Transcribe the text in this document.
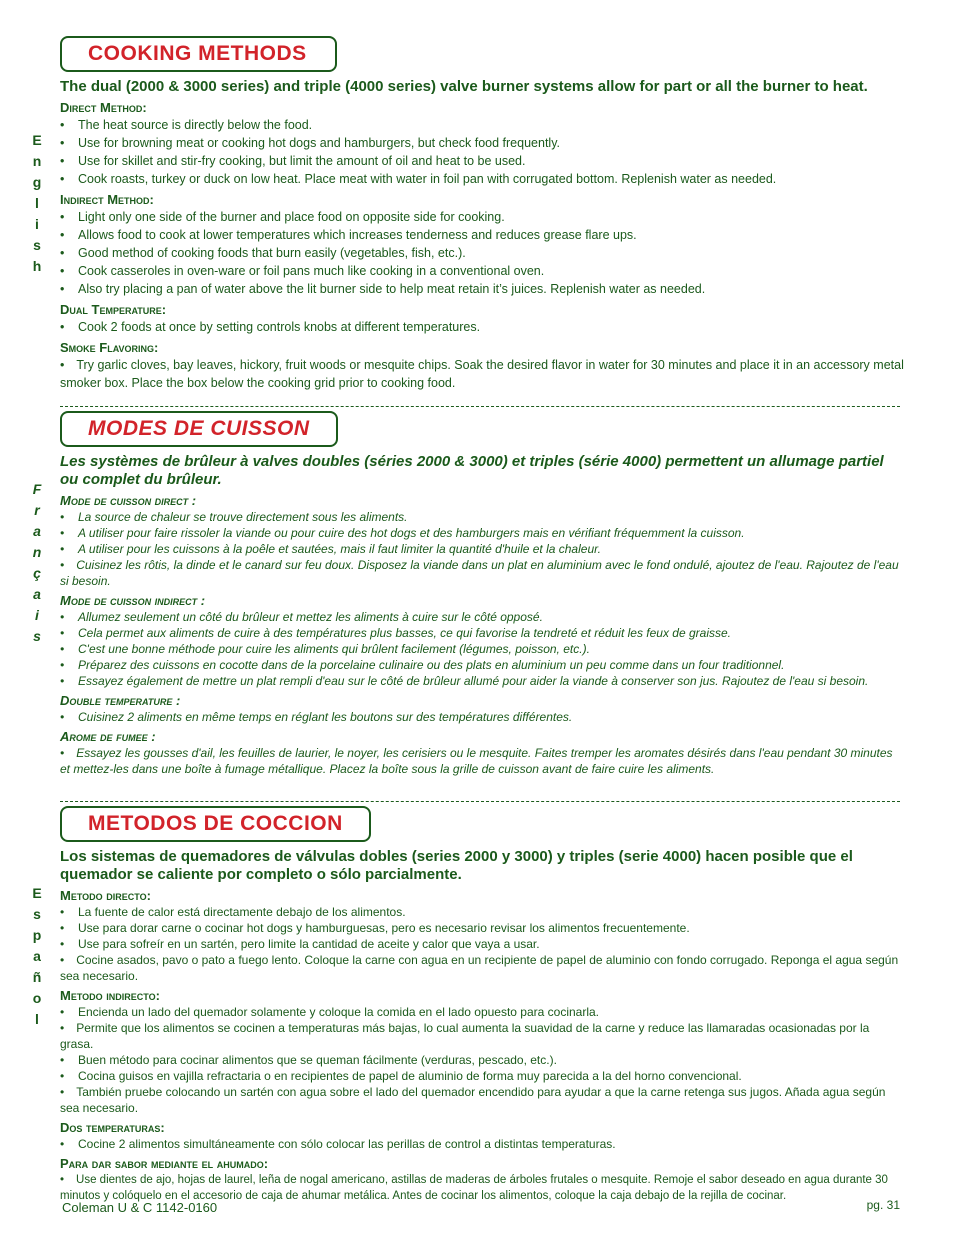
E
n
g
l
i
s
h
F
r
a
n
ç
a
i
s
E
s
p
a
ñ
o
l
COOKING METHODS
The dual (2000 & 3000 series) and triple (4000 series) valve burner systems allow for part or all the burner to heat.
Direct Method:
• The heat source is directly below the food.
• Use for browning meat or cooking hot dogs and hamburgers, but check food frequently.
• Use for skillet and stir-fry cooking, but limit the amount of oil and heat to be used.
• Cook roasts, turkey or duck on low heat. Place meat with water in foil pan with corrugated bottom. Replenish water as needed.
Indirect Method:
• Light only one side of the burner and place food on opposite side for cooking.
• Allows food to cook at lower temperatures which increases tenderness and reduces grease flare ups.
• Good method of cooking foods that burn easily (vegetables, fish, etc.).
• Cook casseroles in oven-ware or foil pans much like cooking in a conventional oven.
• Also try placing a pan of water above the lit burner side to help meat retain it’s juices. Replenish water as needed.
Dual Temperature:
• Cook 2 foods at once by setting controls knobs at different temperatures.
Smoke Flavoring:
• Try garlic cloves, bay leaves, hickory, fruit woods or mesquite chips. Soak the desired flavor in water for 30 minutes and place it in an accessory metal smoker box. Place the box below the cooking grid prior to cooking food.
MODES DE CUISSON
Les systèmes de brûleur à valves doubles (séries 2000 & 3000) et triples (série 4000) permettent un allumage partiel ou complet du brûleur.
Mode de cuisson direct :
• La source de chaleur se trouve directement sous les aliments.
• A utiliser pour faire rissoler la viande ou pour cuire des hot dogs et des hamburgers mais en vérifiant fréquemment la cuisson.
• A utiliser pour les cuissons à la poêle et sautées, mais il faut limiter la quantité d'huile et la chaleur.
• Cuisinez les rôtis, la dinde et le canard sur feu doux. Disposez la viande dans un plat en aluminium avec le fond ondulé, ajoutez de l'eau. Rajoutez de l'eau si besoin.
Mode de cuisson indirect :
• Allumez seulement un côté du brûleur et mettez les aliments à cuire sur le côté opposé.
• Cela permet aux aliments de cuire à des températures plus basses, ce qui favorise la tendreté et réduit les feux de graisse.
• C'est une bonne méthode pour cuire les aliments qui brûlent facilement (légumes, poisson, etc.).
• Préparez des cuissons en cocotte dans de la porcelaine culinaire ou des plats en aluminium un peu comme dans un four traditionnel.
• Essayez également de mettre un plat rempli d'eau sur le côté de brûleur allumé pour aider la viande à conserver son jus. Rajoutez de l'eau si besoin.
Double temperature :
• Cuisinez 2 aliments en même temps en réglant les boutons sur des températures différentes.
Arome de fumee :
• Essayez les gousses d'ail, les feuilles de laurier, le noyer, les cerisiers ou le mesquite. Faites tremper les aromates désirés dans l'eau pendant 30 minutes et mettez-les dans une boîte à fumage métallique. Placez la boîte sous la grille de cuisson avant de faire cuire les aliments.
METODOS DE COCCION
Los sistemas de quemadores de válvulas dobles (series 2000 y 3000) y triples (serie 4000) hacen posible que el quemador se caliente por completo o sólo parcialmente.
Metodo directo:
• La fuente de calor está directamente debajo de los alimentos.
• Use para dorar carne o cocinar hot dogs y hamburguesas, pero es necesario revisar los alimentos frecuentemente.
• Use para sofreír en un sartén, pero limite la cantidad de aceite y calor que vaya a usar.
• Cocine asados, pavo o pato a fuego lento. Coloque la carne con agua en un recipiente de papel de aluminio con fondo corrugado. Reponga el agua según sea necesario.
Metodo indirecto:
• Encienda un lado del quemador solamente y coloque la comida en el lado opuesto para cocinarla.
• Permite que los alimentos se cocinen a temperaturas más bajas, lo cual aumenta la suavidad de la carne y reduce las llamaradas ocasionadas por la grasa.
• Buen método para cocinar alimentos que se queman fácilmente (verduras, pescado, etc.).
• Cocina guisos en vajilla refractaria o en recipientes de papel de aluminio de forma muy parecida a la del horno convencional.
• También pruebe colocando un sartén con agua sobre el lado del quemador encendido para ayudar a que la carne retenga sus jugos. Añada agua según sea necesario.
Dos temperaturas:
• Cocine 2 alimentos simultáneamente con sólo colocar las perillas de control a distintas temperaturas.
Para dar sabor mediante el ahumado:
• Use dientes de ajo, hojas de laurel, leña de nogal americano, astillas de maderas de árboles frutales o mesquite. Remoje el sabor deseado en agua durante 30 minutos y colóquelo en el accesorio de caja de ahumar metálica. Antes de cocinar los alimentos, coloque la caja debajo de la rejilla de cocinar.
Coleman U & C 1142-0160	pg. 31
